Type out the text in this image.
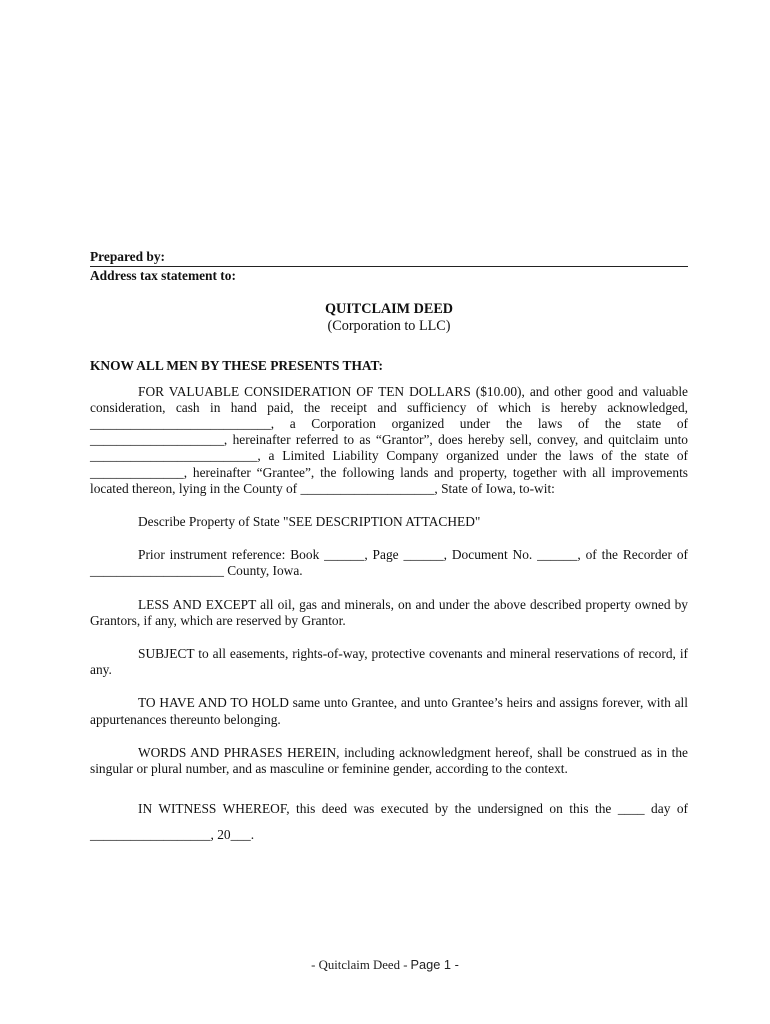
Prepared by:
Address tax statement to:
QUITCLAIM DEED
(Corporation to LLC)
KNOW ALL MEN BY THESE PRESENTS THAT:

FOR VALUABLE CONSIDERATION OF TEN DOLLARS ($10.00), and other good and valuable consideration, cash in hand paid, the receipt and sufficiency of which is hereby acknowledged, ___________________________, a Corporation organized under the laws of the state of ____________________, hereinafter referred to as “Grantor”, does hereby sell, convey, and quitclaim unto _________________________, a Limited Liability Company organized under the laws of the state of ______________, hereinafter “Grantee”, the following lands and property, together with all improvements located thereon, lying in the County of ____________________, State of Iowa, to-wit:

Describe Property of State "SEE DESCRIPTION ATTACHED"

Prior instrument reference: Book ______, Page ______, Document No. ______, of the Recorder of ____________________ County, Iowa.

LESS AND EXCEPT all oil, gas and minerals, on and under the above described property owned by Grantors, if any, which are reserved by Grantor.

SUBJECT to all easements, rights-of-way, protective covenants and mineral reservations of record, if any.

TO HAVE AND TO HOLD same unto Grantee, and unto Grantee’s heirs and assigns forever, with all appurtenances thereunto belonging.

WORDS AND PHRASES HEREIN, including acknowledgment hereof, shall be construed as in the singular or plural number, and as masculine or feminine gender, according to the context.

IN WITNESS WHEREOF, this deed was executed by the undersigned on this the ____ day of

__________________, 20___.

- Quitclaim Deed - Page 1 -
